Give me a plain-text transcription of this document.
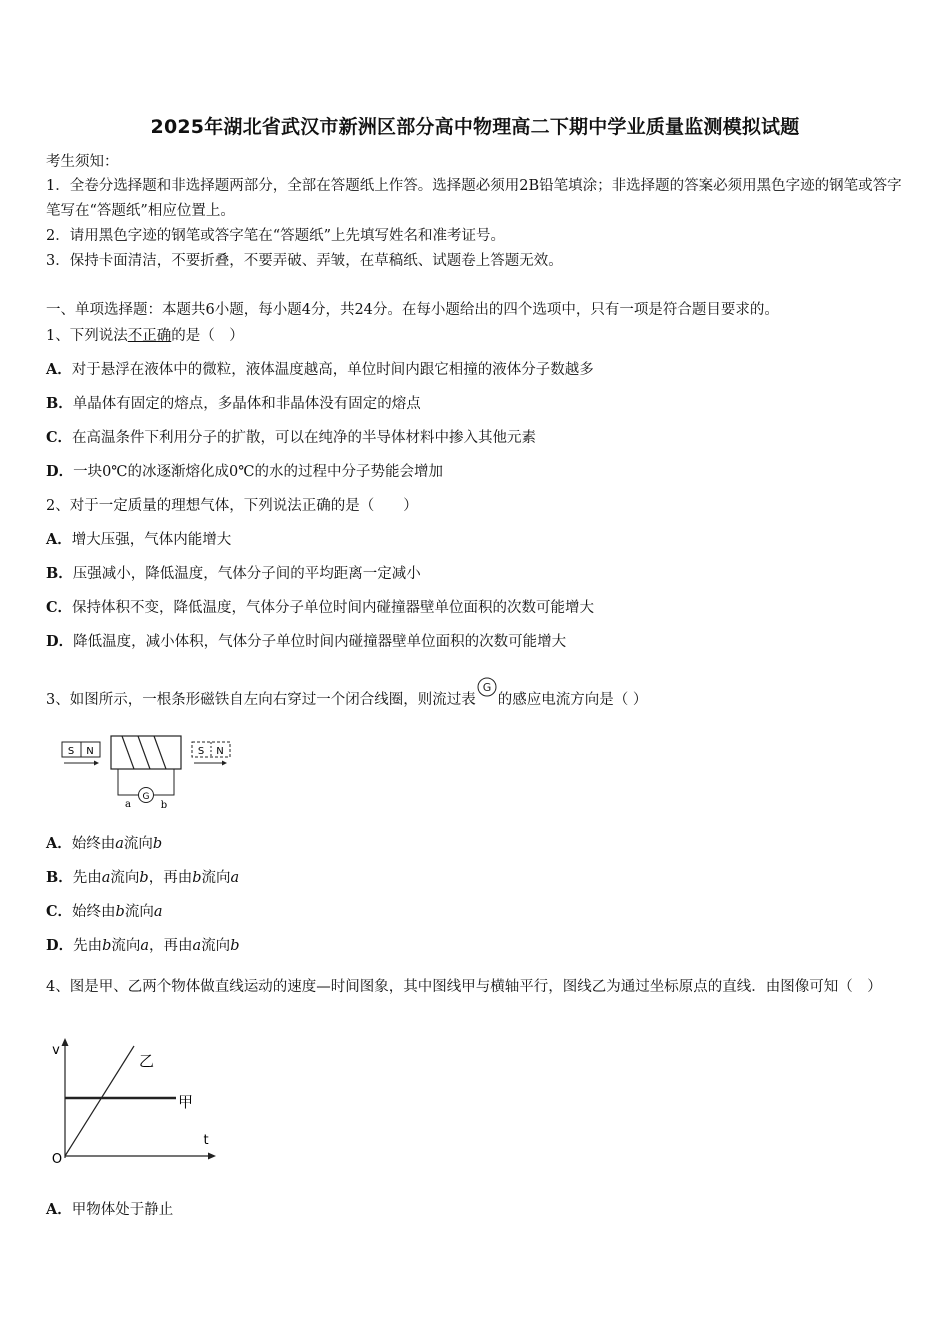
2025年湖北省武汉市新洲区部分高中物理高二下期中学业质量监测模拟试题
考生须知：
1．全卷分选择题和非选择题两部分，全部在答题纸上作答。选择题必须用2B铅笔填涂；非选择题的答案必须用黑色字迹的钢笔或答字笔写在“答题纸”相应位置上。
2．请用黑色字迹的钢笔或答字笔在“答题纸”上先填写姓名和准考证号。
3．保持卡面清洁，不要折叠，不要弄破、弄皱，在草稿纸、试题卷上答题无效。
一、单项选择题：本题共6小题，每小题4分，共24分。在每小题给出的四个选项中，只有一项是符合题目要求的。
1、下列说法不正确的是（　）
A．对于悬浮在液体中的微粒，液体温度越高，单位时间内跟它相撞的液体分子数越多
B．单晶体有固定的熔点，多晶体和非晶体没有固定的熔点
C．在高温条件下利用分子的扩散，可以在纯净的半导体材料中掺入其他元素
D．一块0℃的冰逐渐熔化成0℃的水的过程中分子势能会增加
2、对于一定质量的理想气体，下列说法正确的是（　　）
A．增大压强，气体内能增大
B．压强减小，降低温度，气体分子间的平均距离一定减小
C．保持体积不变，降低温度，气体分子单位时间内碰撞器壁单位面积的次数可能增大
D．降低温度，减小体积，气体分子单位时间内碰撞器壁单位面积的次数可能增大
3、如图所示，一根条形磁铁自左向右穿过一个闭合线圈，则流过表
G
的感应电流方向是（ ）
S N
G
a	b
S N
A．始终由a流向b
B．先由a流向b，再由b流向a
C．始终由b流向a
D．先由b流向a，再由a流向b
4、图是甲、乙两个物体做直线运动的速度—时间图象，其中图线甲与横轴平行，图线乙为通过坐标原点的直线．由图像可知（　）
v
t
O
甲
乙
A．甲物体处于静止
